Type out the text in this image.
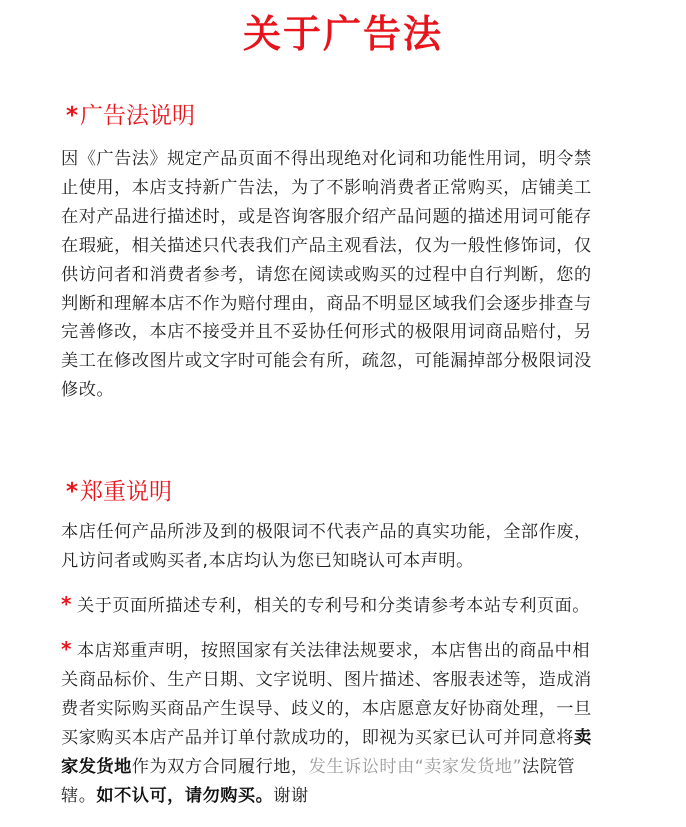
关于广告法
*广告法说明
因《广告法》规定产品页面不得出现绝对化词和功能性用词，明令禁
止使用，本店支持新广告法，为了不影响消费者正常购买，店铺美工
在对产品进行描述时，或是咨询客服介绍产品问题的描述用词可能存
在瑕疵，相关描述只代表我们产品主观看法，仅为一般性修饰词，仅
供访问者和消费者参考，请您在阅读或购买的过程中自行判断，您的
判断和理解本店不作为赔付理由，商品不明显区域我们会逐步排查与
完善修改，本店不接受并且不妥协任何形式的极限用词商品赔付，另
美工在修改图片或文字时可能会有所，疏忽，可能漏掉部分极限词没
修改。
*郑重说明
本店任何产品所涉及到的极限词不代表产品的真实功能，全部作废，
凡访问者或购买者,本店均认为您已知晓认可本声明。
* 关于页面所描述专利，相关的专利号和分类请参考本站专利页面。
* 本店郑重声明，按照国家有关法律法规要求，本店售出的商品中相
关商品标价、生产日期、文字说明、图片描述、客服表述等，造成消
费者实际购买商品产生误导、歧义的，本店愿意友好协商处理，一旦
买家购买本店产品并订单付款成功的，即视为买家已认可并同意将卖
家发货地作为双方合同履行地，发生诉讼时由“卖家发货地”法院管
辖。如不认可，请勿购买。谢谢
